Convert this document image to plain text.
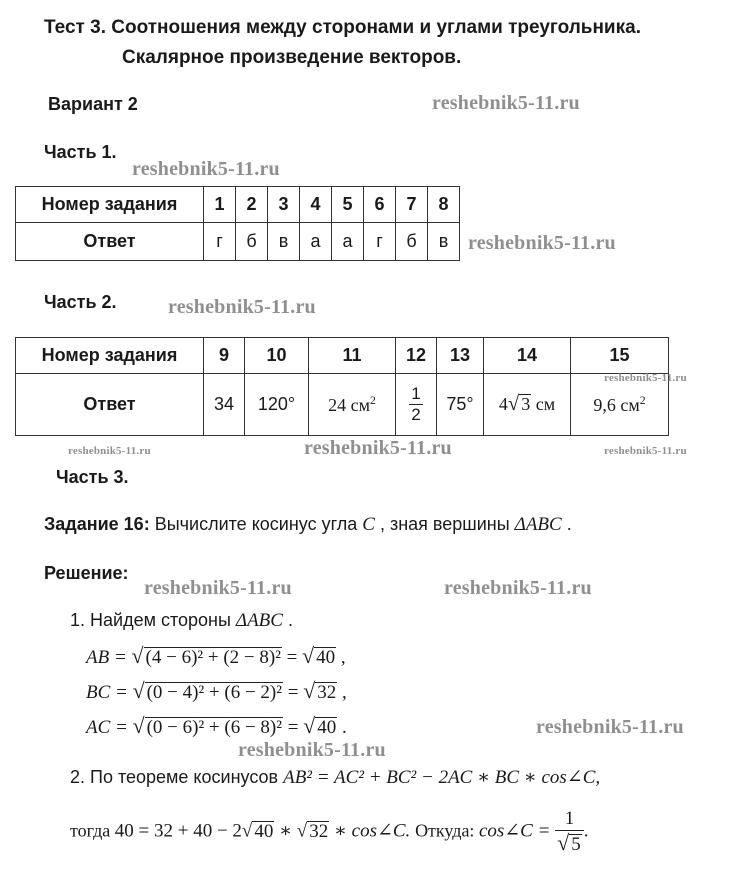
Тест 3. Соотношения между сторонами и углами треугольника.
Скалярное произведение векторов.
Вариант 2	reshebnik5-11.ru
Часть 1.
reshebnik5-11.ru
Номер задания	1	2	3	4	5	6	7	8
Ответ	г	б	в	а	а	г	б	в reshebnik5-11.ru
Часть 2.	reshebnik5-11.ru
Номер задания	9	10	11	12	13	14	15
Ответ	34	120°	24 $см^2$	$\frac{1}{2}$	75°	4√ 3 см	9,6 $см^2$
reshebnik5-11.ru
reshebnik5-11.ru	reshebnik5-11.ru	reshebnik5-11.ru
Часть 3.
Задание 16: Вычислите косинус угла C , зная вершины ΔABC .
Решение:
reshebnik5-11.ru	reshebnik5-11.ru
1. Найдем стороны ΔABC .
AB = √ (4 − 6)² + (2 − 8)² = √ 40 ,
BC = √ (0 − 4)² + (6 − 2)² = √ 32 ,
AC = √ (0 − 6)² + (6 − 8)² = √ 40 .	reshebnik5-11.ru
reshebnik5-11.ru
2. По теореме косинусов AB² = AC² + BC² − 2AC ∗ BC ∗ cos∠C,
тогда 40 = 32 + 40 − 2√ 40 ∗ √ 32 ∗ cos∠C. Откуда: cos∠C = $\frac{1}{√ 5}$ .
